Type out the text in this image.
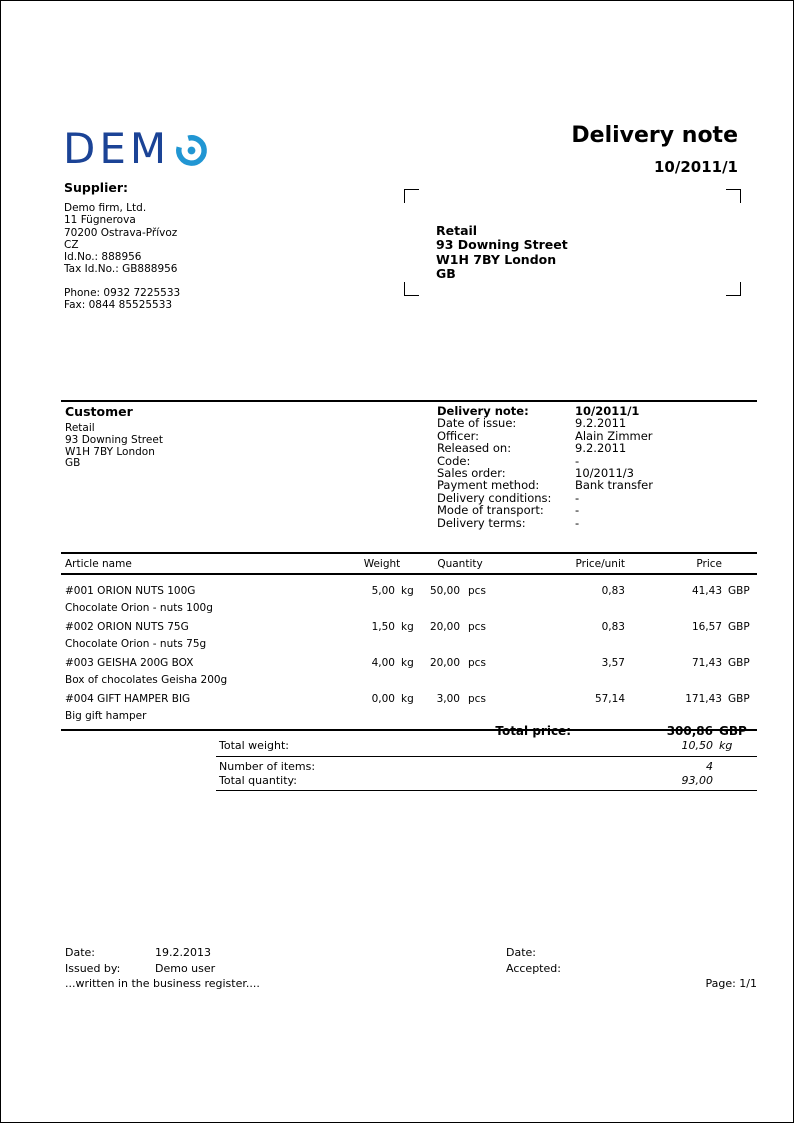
DEM	Delivery note
10/2011/1
Supplier:
Demo firm, Ltd.
11 Fügnerova
70200 Ostrava-Přívoz
CZ
Id.No.: 888956
Tax Id.No.: GB888956
Phone: 0932 7225533
Fax: 0844 85525533
Retail
93 Downing Street
W1H 7BY London
GB
Customer
Retail
93 Downing Street
W1H 7BY London
GB
Delivery note:	10/2011/1
Date of issue:	9.2.2011
Officer:	Alain Zimmer
Released on:	9.2.2011
Code:	-
Sales order:	10/2011/3
Payment method:	Bank transfer
Delivery conditions:	-
Mode of transport:	-
Delivery terms:	-
Article name	Weight	Quantity	Price/unit	Price
#001 ORION NUTS 100G	5,00 kg	50,00 pcs	0,83	41,43 GBP
Chocolate Orion - nuts 100g
#002 ORION NUTS 75G	1,50 kg	20,00 pcs	0,83	16,57 GBP
Chocolate Orion - nuts 75g
#003 GEISHA 200G BOX	4,00 kg	20,00 pcs	3,57	71,43 GBP
Box of chocolates Geisha 200g
#004 GIFT HAMPER BIG	0,00 kg	3,00 pcs	57,14	171,43 GBP
Big gift hamper
Total price:	300,86 GBP
Total weight:	10,50 kg
Number of items:	4
Total quantity:	93,00
Date:	19.2.2013
Issued by:	Demo user
...written in the business register....
Date:
Accepted:
Page: 1/1
